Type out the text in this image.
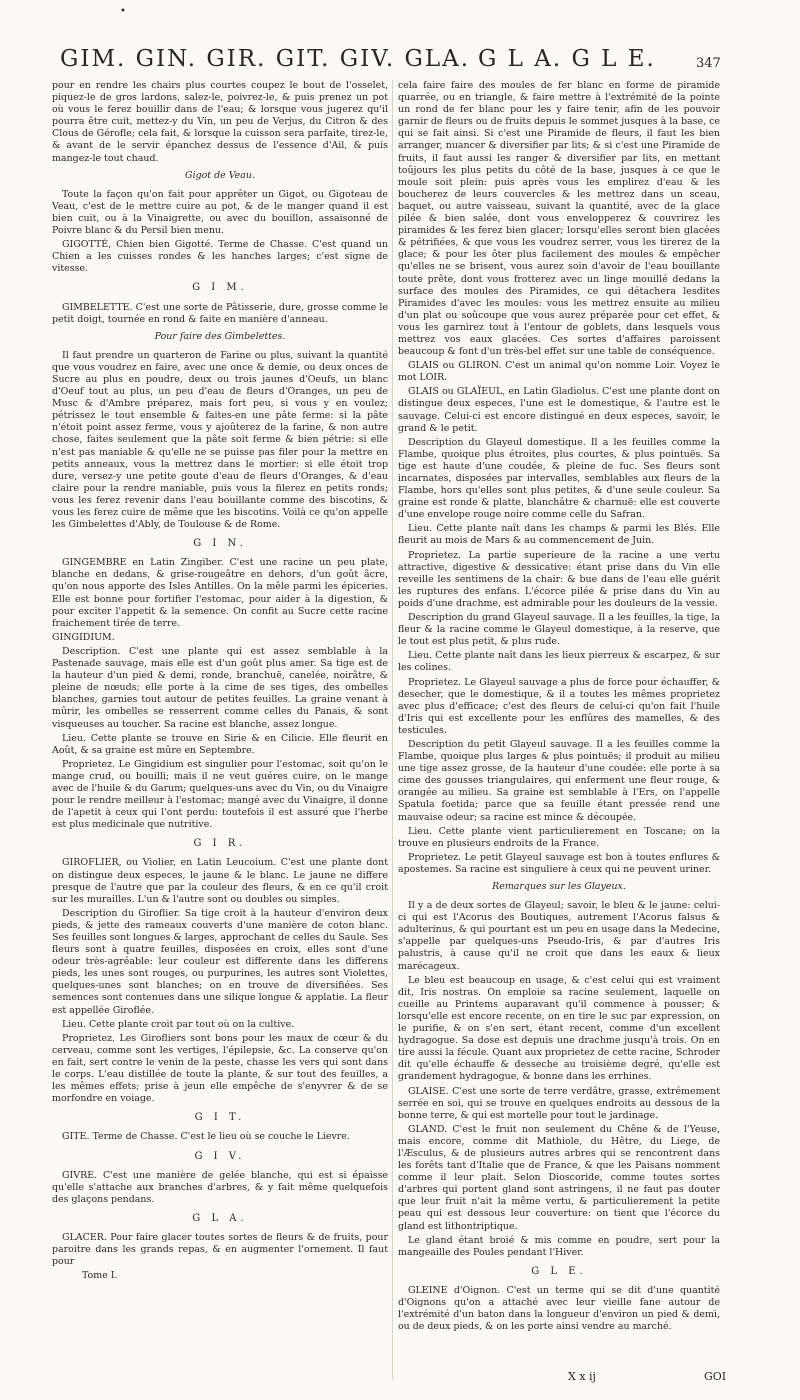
•
GIM. GIN. GIR. GIT. GIV. GLA. G L A. G L E.	347

pour en rendre les chairs plus courtes coupez le bout de l'osselet, piquez-le de gros lardons, salez-le, poivrez-le, & puis prenez un pot où vous le ferez bouillir dans de l'eau; & lorsque vous jugerez qu'il pourra être cuit, mettez-y du Vin, un peu de Verjus, du Citron & des Clous de Gérofle; cela fait, & lorsque la cuisson sera parfaite, tirez-le, & avant de le servir épanchez dessus de l'essence d'Ail, & puis mangez-le tout chaud.

Gigot de Veau.

Toute la façon qu'on fait pour apprêter un Gigot, ou Gigoteau de Veau, c'est de le mettre cuire au pot, & de le manger quand il est bien cuit, ou à la Vinaigrette, ou avec du bouillon, assaisonné de Poivre blanc & du Persil bien menu.

GIGOTTÉ, Chien bien Gigotté. Terme de Chasse. C'est quand un Chien a les cuisses rondes & les hanches larges; c'est signe de vitesse.

G I M.

GIMBELETTE. C'est une sorte de Pâtisserie, dure, grosse comme le petit doigt, tournée en rond & faite en manière d'anneau.

Pour faire des Gimbelettes.

Il faut prendre un quarteron de Farine ou plus, suivant la quantité que vous voudrez en faire, avec une once & demie, ou deux onces de Sucre au plus en poudre, deux ou trois jaunes d'Oeufs, un blanc d'Oeuf tout au plus, un peu d'eau de fleurs d'Oranges, un peu de Musc & d'Ambre préparez, mais fort peu, si vous y en voulez; pétrissez le tout ensemble & faites-en une pâte ferme: si la pâte n'étoit point assez ferme, vous y ajoûterez de la farine, & non autre chose, faites seulement que la pâte soit ferme & bien pétrie: si elle n'est pas maniable & qu'elle ne se puisse pas filer pour la mettre en petits anneaux, vous la mettrez dans le mortier: si elle étoit trop dure, versez-y une petite goute d'eau de fleurs d'Oranges, & d'eau claire pour la rendre maniable, puis vous la filerez en petits ronds; vous les ferez revenir dans l'eau bouillante comme des biscotins, & vous les ferez cuire de même que les biscotins. Voilà ce qu'on appelle les Gimbelettes d'Ably, de Toulouse & de Rome.

G I N.

GINGEMBRE en Latin Zingiber. C'est une racine un peu plate, blanche en dedans, & grise-rougeâtre en dehors, d'un goût âcre, qu'on nous apporte des Isles Antilles. On la mêle parmi les épiceries. Elle est bonne pour fortifier l'estomac, pour aider à la digestion, & pour exciter l'appetit & la semence. On confit au Sucre cette racine fraichement tirée de terre.

GINGIDIUM.

Description. C'est une plante qui est assez semblable à la Pastenade sauvage, mais elle est d'un goût plus amer. Sa tige est de la hauteur d'un pied & demi, ronde, branchuë, canelée, noirâtre, & pleine de nœuds; elle porte à la cime de ses tiges, des ombelles blanches, garnies tout autour de petites feuilles. La graine venant à mûrir, les ombelles se resserrent comme celles du Panais, & sont visqueuses au toucher. Sa racine est blanche, assez longue.

Lieu. Cette plante se trouve en Sirie & en Cilicie. Elle fleurit en Août, & sa graine est mûre en Septembre.

Proprietez. Le Gingidium est singulier pour l'estomac, soit qu'on le mange crud, ou bouilli; mais il ne veut guéres cuire, on le mange avec de l'huile & du Garum; quelques-uns avec du Vin, ou du Vinaigre pour le rendre meilleur à l'estomac; mangé avec du Vinaigre, il donne de l'apetit à ceux qui l'ont perdu: toutefois il est assuré que l'herbe est plus medicinale que nutritive.

G I R.

GIROFLIER, ou Violier, en Latin Leucoium. C'est une plante dont on distingue deux especes, le jaune & le blanc. Le jaune ne differe presque de l'autre que par la couleur des fleurs, & en ce qu'il croit sur les murailles. L'un & l'autre sont ou doubles ou simples.

Description du Giroflier. Sa tige croit à la hauteur d'environ deux pieds, & jette des rameaux couverts d'une manière de coton blanc. Ses feuilles sont longues & larges, approchant de celles du Saule. Ses fleurs sont à quatre feuilles, disposées en croix, elles sont d'une odeur très-agréable: leur couleur est differente dans les differens pieds, les unes sont rouges, ou purpurines, les autres sont Violettes, quelques-unes sont blanches; on en trouve de diversifiées. Ses semences sont contenues dans une silique longue & applatie. La fleur est appellée Giroflée.

Lieu. Cette plante croit par tout où on la cultive.

Proprietez. Les Girofliers sont bons pour les maux de cœur & du cerveau, comme sont les vertiges, l'épilepsie, &c. La conserve qu'on en fait, sert contre le venin de la peste, chasse les vers qui sont dans le corps. L'eau distillée de toute la plante, & sur tout des feuilles, a les mêmes effets; prise à jeun elle empêche de s'enyvrer & de se morfondre en voiage.

G I T.

GITE. Terme de Chasse. C'est le lieu où se couche le Lievre.

G I V.

GIVRE. C'est une manière de gelée blanche, qui est si épaisse qu'elle s'attache aux branches d'arbres, & y fait même quelquefois des glaçons pendans.

G L A.

GLACER. Pour faire glacer toutes sortes de fleurs & de fruits, pour paroitre dans les grands repas, & en augmenter l'ornement. Il faut pour

Tome I.

cela faire faire des moules de fer blanc en forme de piramide quarrée, ou en triangle, & faire mettre à l'extrémité de la pointe un rond de fer blanc pour les y faire tenir, afin de les pouvoir garnir de fleurs ou de fruits depuis le sommet jusques à la base, ce qui se fait ainsi. Si c'est une Piramide de fleurs, il faut les bien arranger, nuancer & diversifier par lits; & si c'est une Piramide de fruits, il faut aussi les ranger & diversifier par lits, en mettant toûjours les plus petits du côté de la base, jusques à ce que le moule soit plein: puis après vous les emplirez d'eau & les boucherez de leurs couvercles & les mettrez dans un sceau, baquet, ou autre vaisseau, suivant la quantité, avec de la glace pilée & bien salée, dont vous envelopperez & couvrirez les piramides & les ferez bien glacer; lorsqu'elles seront bien glacées & pétrifiées, & que vous les voudrez serrer, vous les tirerez de la glace; & pour les ôter plus facilement des moules & empêcher qu'elles ne se brisent, vous aurez soin d'avoir de l'eau bouillante toute prête, dont vous frotterez avec un linge mouillé dedans la surface des moules des Piramides, ce qui détachera lesdites Piramides d'avec les moules: vous les mettrez ensuite au milieu d'un plat ou soûcoupe que vous aurez préparée pour cet effet, & vous les garnirez tout à l'entour de goblets, dans lesquels vous mettrez vos eaux glacées. Ces sortes d'affaires paroissent beaucoup & font d'un très-bel effet sur une table de conséquence.

GLAIS ou GLIRON. C'est un animal qu'on nomme Loir. Voyez le mot LOIR.

GLAIS ou GLAÏEUL, en Latin Gladiolus. C'est une plante dont on distingue deux especes, l'une est le domestique, & l'autre est le sauvage. Celui-ci est encore distingué en deux especes, savoir, le grand & le petit.

Description du Glayeul domestique. Il a les feuilles comme la Flambe, quoique plus étroites, plus courtes, & plus pointuës. Sa tige est haute d'une coudée, & pleine de fuc. Ses fleurs sont incarnates, disposées par intervalles, semblables aux fleurs de la Flambe, hors qu'elles sont plus petites, & d'une seule couleur. Sa graine est ronde & platte, blanchâtre & charnuë: elle est couverte d'une envelope rouge noire comme celle du Safran.

Lieu. Cette plante naît dans les champs & parmi les Blés. Elle fleurit au mois de Mars & au commencement de Juin.

Proprietez. La partie superieure de la racine a une vertu attractive, digestive & dessicative: étant prise dans du Vin elle reveille les sentimens de la chair: & bue dans de l'eau elle guérit les ruptures des enfans. L'écorce pilée & prise dans du Vin au poids d'une drachme, est admirable pour les douleurs de la vessie.

Description du grand Glayeul sauvage. Il a les feuilles, la tige, la fleur & la racine comme le Glayeul domestique, à la reserve, que le tout est plus petit, & plus rude.

Lieu. Cette plante naît dans les lieux pierreux & escarpez, & sur les colines.

Proprietez. Le Glayeul sauvage a plus de force pour échauffer, & desecher, que le domestique, & il a toutes les mêmes proprietez avec plus d'efficace; c'est des fleurs de celui-ci qu'on fait l'huile d'Iris qui est excellente pour les enflûres des mamelles, & des testicules.

Description du petit Glayeul sauvage. Il a les feuilles comme la Flambe, quoique plus larges & plus pointuës; il produit au milieu une tige assez grosse, de la hauteur d'une coudée: elle porte à sa cime des gousses triangulaires, qui enferment une fleur rouge, & orangée au milieu. Sa graine est semblable à l'Ers, on l'appelle Spatula foetida; parce que sa feuille étant pressée rend une mauvaise odeur; sa racine est mince & découpée.

Lieu. Cette plante vient particulierement en Toscane; on la trouve en plusieurs endroits de la France.

Proprietez. Le petit Glayeul sauvage est bon à toutes enflures & apostemes. Sa racine est singuliere à ceux qui ne peuvent uriner.

Remarques sur les Glayeux.

Il y a de deux sortes de Glayeul; savoir, le bleu & le jaune: celui-ci qui est l'Acorus des Boutiques, autrement l'Acorus falsus & adulterinus, & qui pourtant est un peu en usage dans la Medecine, s'appelle par quelques-uns Pseudo-Iris, & par d'autres Iris palustris, à cause qu'il ne croit que dans les eaux & lieux marécageux.

Le bleu est beaucoup en usage, & c'est celui qui est vraiment dit, Iris nostras. On emploie sa racine seulement, laquelle on cueille au Printems auparavant qu'il commence à pousser; & lorsqu'elle est encore recente, on en tire le suc par expression, on le purifie, & on s'en sert, étant recent, comme d'un excellent hydragogue. Sa dose est depuis une drachme jusqu'à trois. On en tire aussi la fécule. Quant aux proprietez de cette racine, Schroder dit qu'elle échauffe & desseche au troisième degré, qu'elle est grandement hydragogue, & bonne dans les errhines.

GLAISE. C'est une sorte de terre verdâtre, grasse, extrémement serrée en soi, qui se trouve en quelques endroits au dessous de la bonne terre, & qui est mortelle pour tout le jardinage.

GLAND. C'est le fruit non seulement du Chêne & de l'Yeuse, mais encore, comme dit Mathiole, du Hêtre, du Liege, de l'Æsculus, & de plusieurs autres arbres qui se rencontrent dans les forêts tant d'Italie que de France, & que les Paisans nomment comme il leur plait. Selon Dioscoride, comme toutes sortes d'arbres qui portent gland sont astringens, il ne faut pas douter que leur fruit n'ait la même vertu, & particulierement la petite peau qui est dessous leur couverture: on tient que l'écorce du gland est lithontriptique.

Le gland étant broié & mis comme en poudre, sert pour la mangeaille des Poules pendant l'Hiver.

G L E.

GLEINE d'Oignon. C'est un terme qui se dit d'une quantité d'Oignons qu'on a attaché avec leur vieille fane autour de l'extrémité d'un baton dans la longueur d'environ un pied & demi, ou de deux pieds, & on les porte ainsi vendre au marché.

X x ij	GOI
